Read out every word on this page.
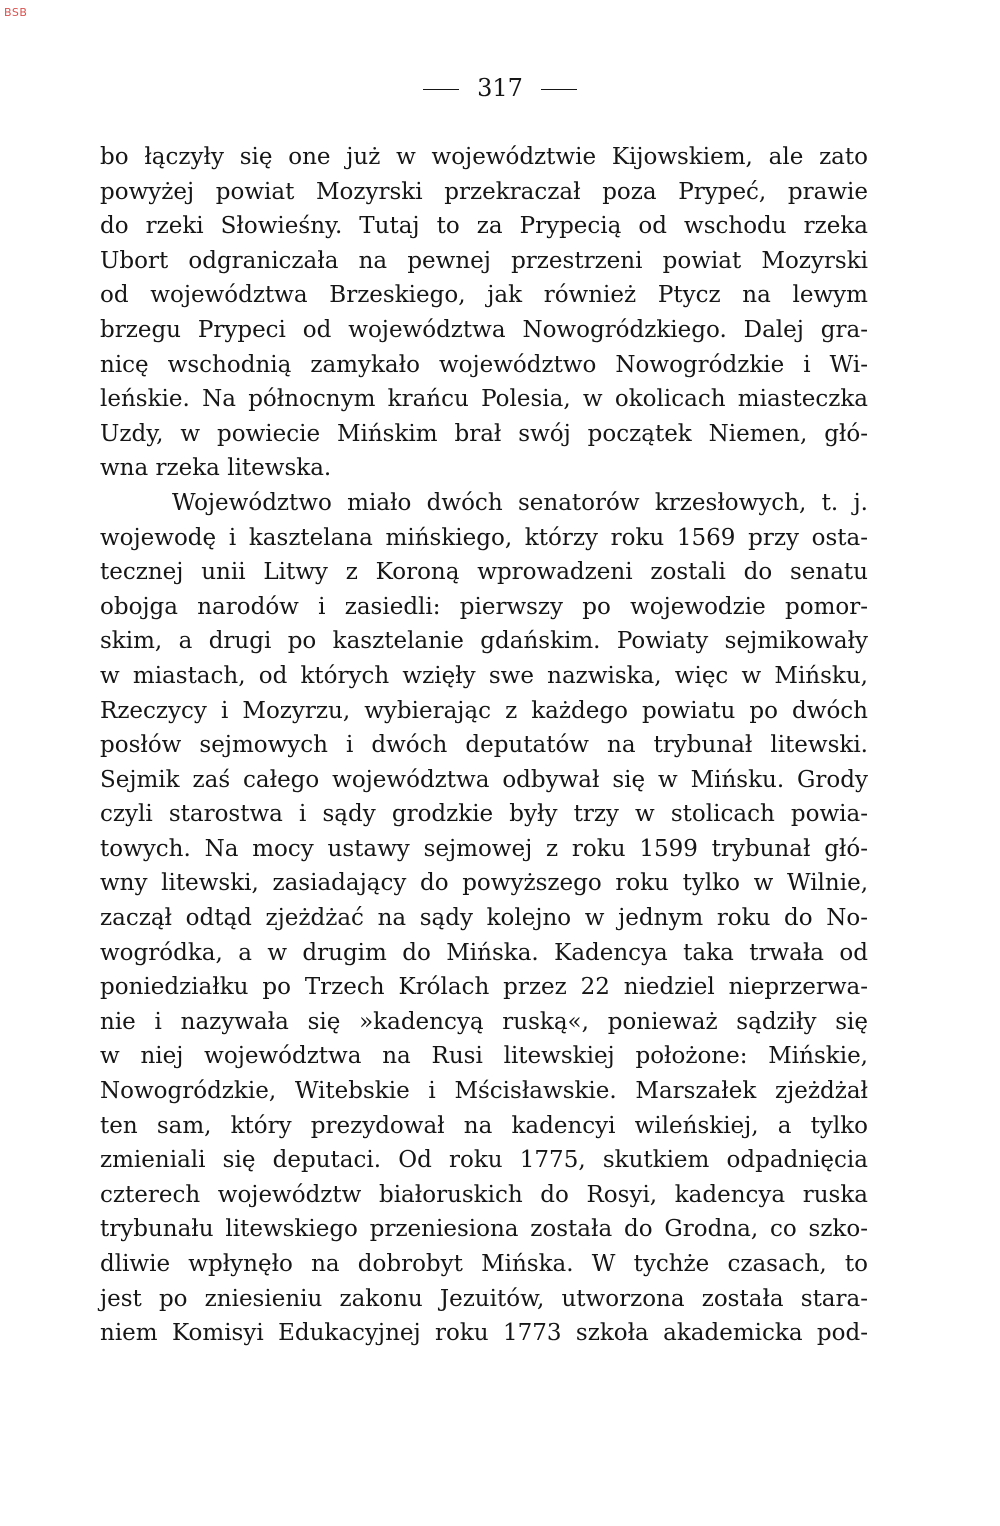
BSB
317
bo łączyły się one już w województwie Kijowskiem, ale zato
powyżej powiat Mozyrski przekraczał poza Prypeć, prawie
do rzeki Słowieśny. Tutaj to za Prypecią od wschodu rzeka
Ubort odgraniczała na pewnej przestrzeni powiat Mozyrski
od województwa Brzeskiego, jak również Ptycz na lewym
brzegu Prypeci od województwa Nowogródzkiego. Dalej gra-
nicę wschodnią zamykało województwo Nowogródzkie i Wi-
leńskie. Na północnym krańcu Polesia, w okolicach miasteczka
Uzdy, w powiecie Mińskim brał swój początek Niemen, głó-
wna rzeka litewska.
Województwo miało dwóch senatorów krzesłowych, t. j.
wojewodę i kasztelana mińskiego, którzy roku 1569 przy osta-
tecznej unii Litwy z Koroną wprowadzeni zostali do senatu
obojga narodów i zasiedli: pierwszy po wojewodzie pomor-
skim, a drugi po kasztelanie gdańskim. Powiaty sejmikowały
w miastach, od których wzięły swe nazwiska, więc w Mińsku,
Rzeczycy i Mozyrzu, wybierając z każdego powiatu po dwóch
posłów sejmowych i dwóch deputatów na trybunał litewski.
Sejmik zaś całego województwa odbywał się w Mińsku. Grody
czyli starostwa i sądy grodzkie były trzy w stolicach powia-
towych. Na mocy ustawy sejmowej z roku 1599 trybunał głó-
wny litewski, zasiadający do powyższego roku tylko w Wilnie,
zaczął odtąd zjeżdżać na sądy kolejno w jednym roku do No-
wogródka, a w drugim do Mińska. Kadencya taka trwała od
poniedziałku po Trzech Królach przez 22 niedziel nieprzerwa-
nie i nazywała się »kadencyą ruską«, ponieważ sądziły się
w niej województwa na Rusi litewskiej położone: Mińskie,
Nowogródzkie, Witebskie i Mścisławskie. Marszałek zjeżdżał
ten sam, który prezydował na kadencyi wileńskiej, a tylko
zmieniali się deputaci. Od roku 1775, skutkiem odpadnięcia
czterech województw białoruskich do Rosyi, kadencya ruska
trybunału litewskiego przeniesiona została do Grodna, co szko-
dliwie wpłynęło na dobrobyt Mińska. W tychże czasach, to
jest po zniesieniu zakonu Jezuitów, utworzona została stara-
niem Komisyi Edukacyjnej roku 1773 szkoła akademicka pod-
